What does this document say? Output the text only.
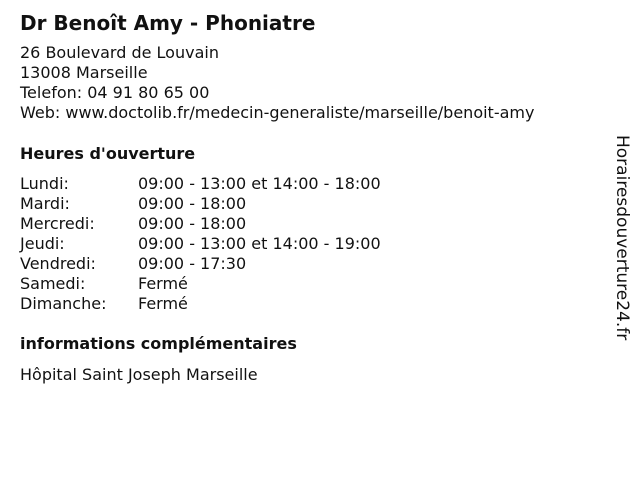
Dr Benoît Amy - Phoniatre
26 Boulevard de Louvain
13008 Marseille
Telefon: 04 91 80 65 00
Web: www.doctolib.fr/medecin-generaliste/marseille/benoit-amy
Heures d'ouverture
Lundi:	09:00 - 13:00 et 14:00 - 18:00
Mardi:	09:00 - 18:00
Mercredi:	09:00 - 18:00
Jeudi:	09:00 - 13:00 et 14:00 - 19:00
Vendredi:	09:00 - 17:30
Samedi:	Fermé
Dimanche:	Fermé
informations complémentaires
Hôpital Saint Joseph Marseille
Horairesdouverture24.fr
